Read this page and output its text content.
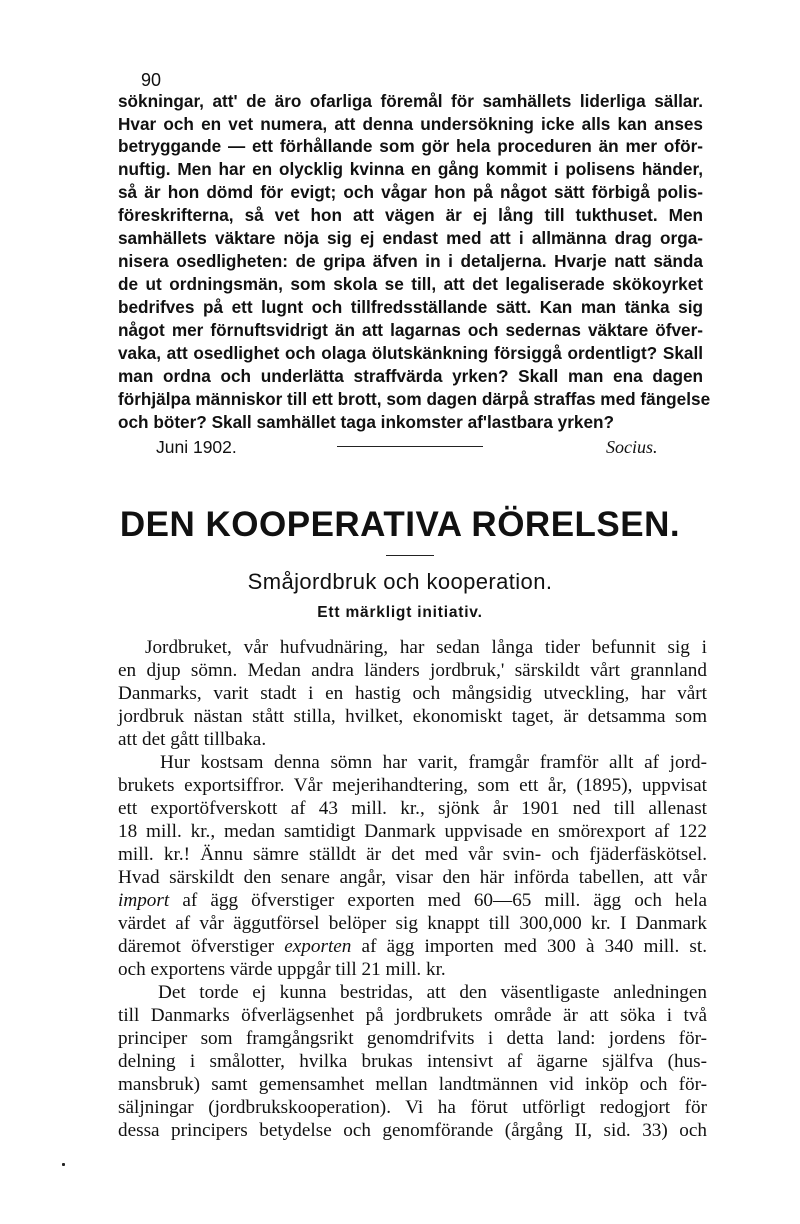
90
sökningar, att' de äro ofarliga föremål för samhällets liderliga sällar.
Hvar och en vet numera, att denna undersökning icke alls kan anses
betryggande — ett förhållande som gör hela proceduren än mer oför-
nuftig. Men har en olycklig kvinna en gång kommit i polisens händer,
så är hon dömd för evigt; och vågar hon på något sätt förbigå polis-
föreskrifterna, så vet hon att vägen är ej lång till tukthuset. Men
samhällets väktare nöja sig ej endast med att i allmänna drag orga-
nisera osedligheten: de gripa äfven in i detaljerna. Hvarje natt sända
de ut ordningsmän, som skola se till, att det legaliserade skökoyrket
bedrifves på ett lugnt och tillfredsställande sätt. Kan man tänka sig
något mer förnuftsvidrigt än att lagarnas och sedernas väktare öfver-
vaka, att osedlighet och olaga ölutskänkning försiggå ordentligt? Skall
man ordna och underlätta straffvärda yrken? Skall man ena dagen
förhjälpa människor till ett brott, som dagen därpå straffas med fängelse
och böter? Skall samhället taga inkomster af'lastbara yrken?
Juni 1902.	Socius.
DEN KOOPERATIVA RÖRELSEN.
Småjordbruk och kooperation.
Ett märkligt initiativ.
Jordbruket, vår hufvudnäring, har sedan långa tider befunnit sig i
en djup sömn. Medan andra länders jordbruk,' särskildt vårt grannland
Danmarks, varit stadt i en hastig och mångsidig utveckling, har vårt
jordbruk nästan stått stilla, hvilket, ekonomiskt taget, är detsamma som
att det gått tillbaka.
Hur kostsam denna sömn har varit, framgår framför allt af jord-
brukets exportsiffror. Vår mejerihandtering, som ett år, (1895), uppvisat
ett exportöfverskott af 43 mill. kr., sjönk år 1901 ned till allenast
18 mill. kr., medan samtidigt Danmark uppvisade en smörexport af 122
mill. kr.! Ännu sämre ställdt är det med vår svin- och fjäderfäskötsel.
Hvad särskildt den senare angår, visar den här införda tabellen, att vår
import af ägg öfverstiger exporten med 60—65 mill. ägg och hela
värdet af vår äggutförsel belöper sig knappt till 300,000 kr. I Danmark
däremot öfverstiger exporten af ägg importen med 300 à 340 mill. st.
och exportens värde uppgår till 21 mill. kr.
Det torde ej kunna bestridas, att den väsentligaste anledningen
till Danmarks öfverlägsenhet på jordbrukets område är att söka i två
principer som framgångsrikt genomdrifvits i detta land: jordens för-
delning i smålotter, hvilka brukas intensivt af ägarne själfva (hus-
mansbruk) samt gemensamhet mellan landtmännen vid inköp och för-
säljningar (jordbrukskooperation). Vi ha förut utförligt redogjort för
dessa principers betydelse och genomförande (årgång II, sid. 33) och
